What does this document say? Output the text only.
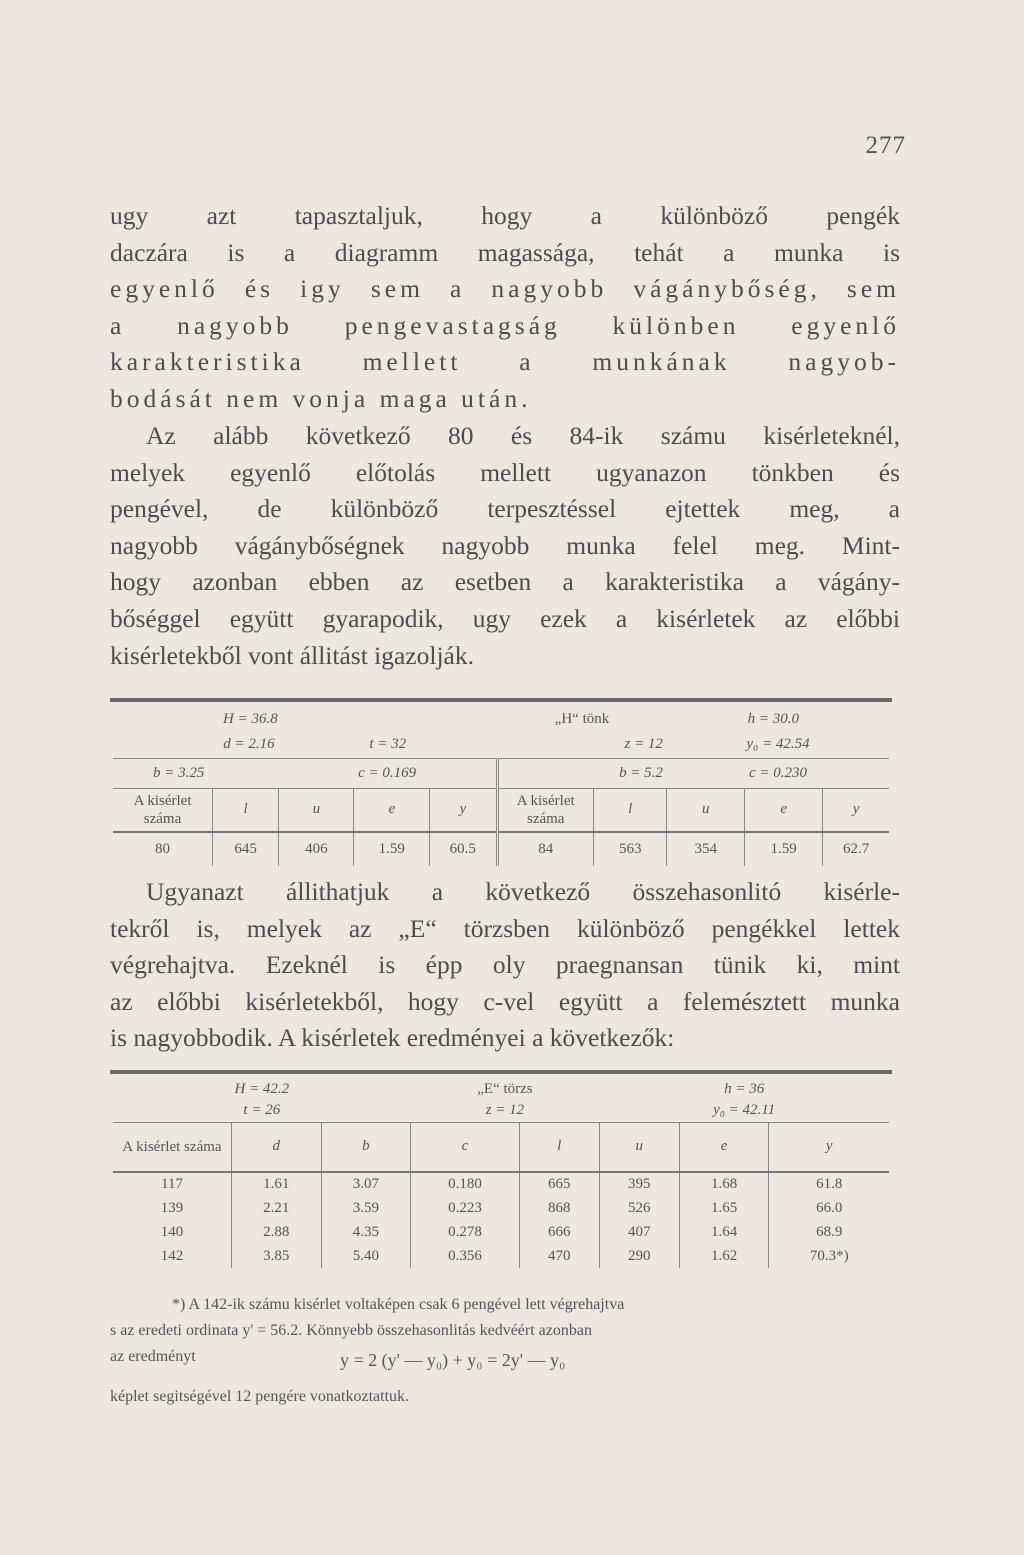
277
ugy azt tapasztaljuk, hogy a különböző pengék
daczára is a diagramm magassága, tehát a munka is
egyenlő és igy sem a nagyobb vágánybőség, sem
a nagyobb pengevastagság különben egyenlő
karakteristika mellett a munkának nagyob-
bodását nem vonja maga után.
Az alább következő 80 és 84-ik számu kisérleteknél,
melyek egyenlő előtolás mellett ugyanazon tönkben és
pengével, de különböző terpesztéssel ejtettek meg, a
nagyobb vágánybőségnek nagyobb munka felel meg. Mint-
hogy azonban ebben az esetben a karakteristika a vágány-
bőséggel együtt gyarapodik, ugy ezek a kisérletek az előbbi
kisérletekből vont állitást igazolják.
H = 36.8					„H“ tönk		h = 30.0		
d = 2.16		t = 32			z = 12		y₀ = 42.54		
b = 3.25		c = 0.169			b = 5.2		c = 0.230		
A kisérlet száma	l	u	e	y	A kisérlet száma	l	u	e	y
80	645	406	1.59	60.5	84	563	354	1.59	62.7
Ugyanazt állithatjuk a következő összehasonlitó kisérle-
tekről is, melyek az „E“ törzsben különböző pengékkel lettek
végrehajtva. Ezeknél is épp oly praegnansan tünik ki, mint
az előbbi kisérletekből, hogy c-vel együtt a felemésztett munka
is nagyobbodik. A kisérletek eredményei a következők:
H = 42.2			„E“ törzs		h = 36		
t = 26			z = 12		y₀ = 42.11		
A kisérlet száma	d	b	c	l	u	e	y
117	1.61	3.07	0.180	665	395	1.68	61.8
139	2.21	3.59	0.223	868	526	1.65	66.0
140	2.88	4.35	0.278	666	407	1.64	68.9
142	3.85	5.40	0.356	470	290	1.62	70.3*)
*) A 142-ik számu kisérlet voltaképen csak 6 pengével lett végrehajtva
s az eredeti ordinata y' = 56.2. Könnyebb összehasonlitás kedvéért azonban
az eredményt
képlet segitségével 12 pengére vonatkoztattuk.
y = 2 (y' — y₀) + y₀ = 2y' — y₀
